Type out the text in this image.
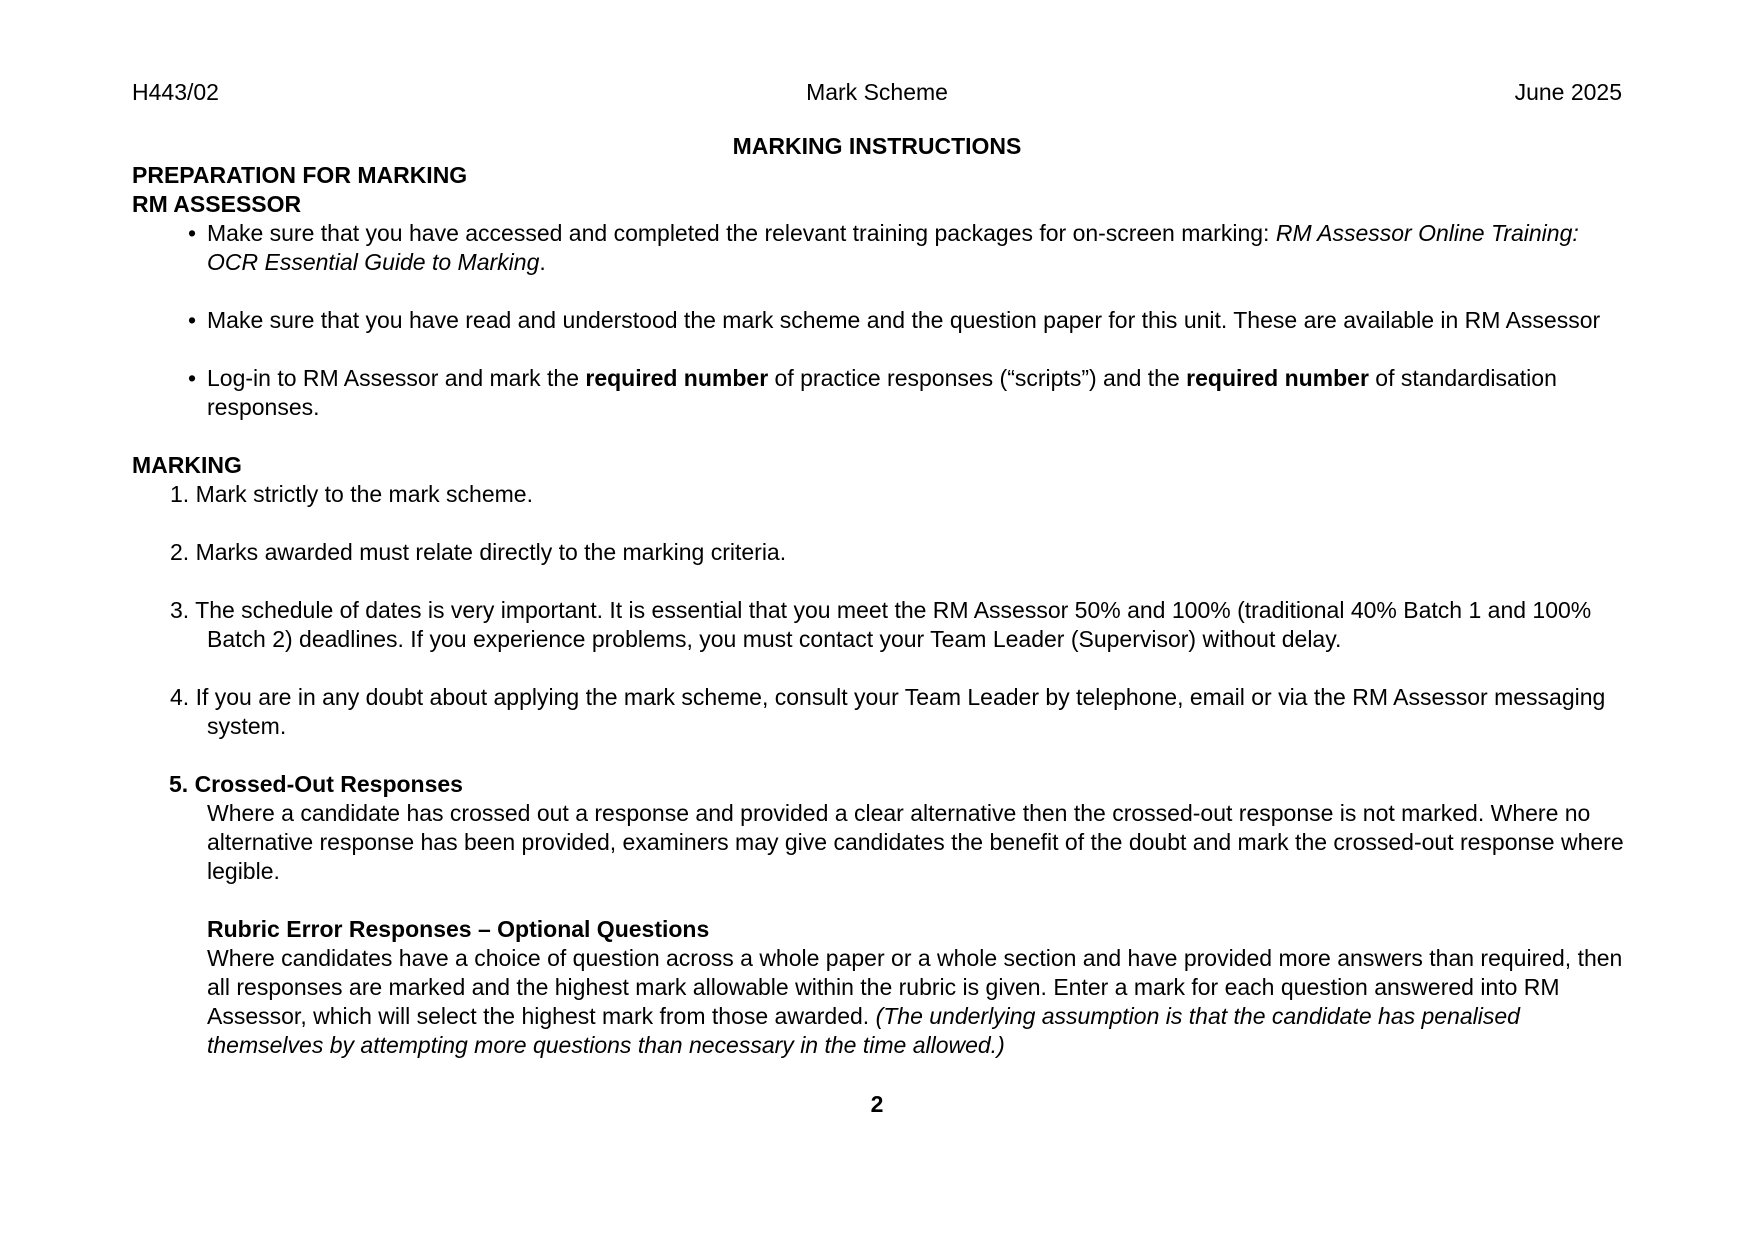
H443/02	Mark Scheme	June 2025
MARKING INSTRUCTIONS

PREPARATION FOR MARKING

RM ASSESSOR

• Make sure that you have accessed and completed the relevant training packages for on-screen marking: RM Assessor Online Training: OCR Essential Guide to Marking.
• Make sure that you have read and understood the mark scheme and the question paper for this unit. These are available in RM Assessor
• Log-in to RM Assessor and mark the required number of practice responses (“scripts”) and the required number of standardisation responses.

MARKING

1. Mark strictly to the mark scheme.
2. Marks awarded must relate directly to the marking criteria.
3. The schedule of dates is very important. It is essential that you meet the RM Assessor 50% and 100% (traditional 40% Batch 1 and 100% Batch 2) deadlines. If you experience problems, you must contact your Team Leader (Supervisor) without delay.
4. If you are in any doubt about applying the mark scheme, consult your Team Leader by telephone, email or via the RM Assessor messaging system.
5. Crossed-Out Responses

Where a candidate has crossed out a response and provided a clear alternative then the crossed-out response is not marked. Where no alternative response has been provided, examiners may give candidates the benefit of the doubt and mark the crossed-out response where legible.

Rubric Error Responses – Optional Questions

Where candidates have a choice of question across a whole paper or a whole section and have provided more answers than required, then all responses are marked and the highest mark allowable within the rubric is given. Enter a mark for each question answered into RM Assessor, which will select the highest mark from those awarded. (The underlying assumption is that the candidate has penalised themselves by attempting more questions than necessary in the time allowed.)

2
